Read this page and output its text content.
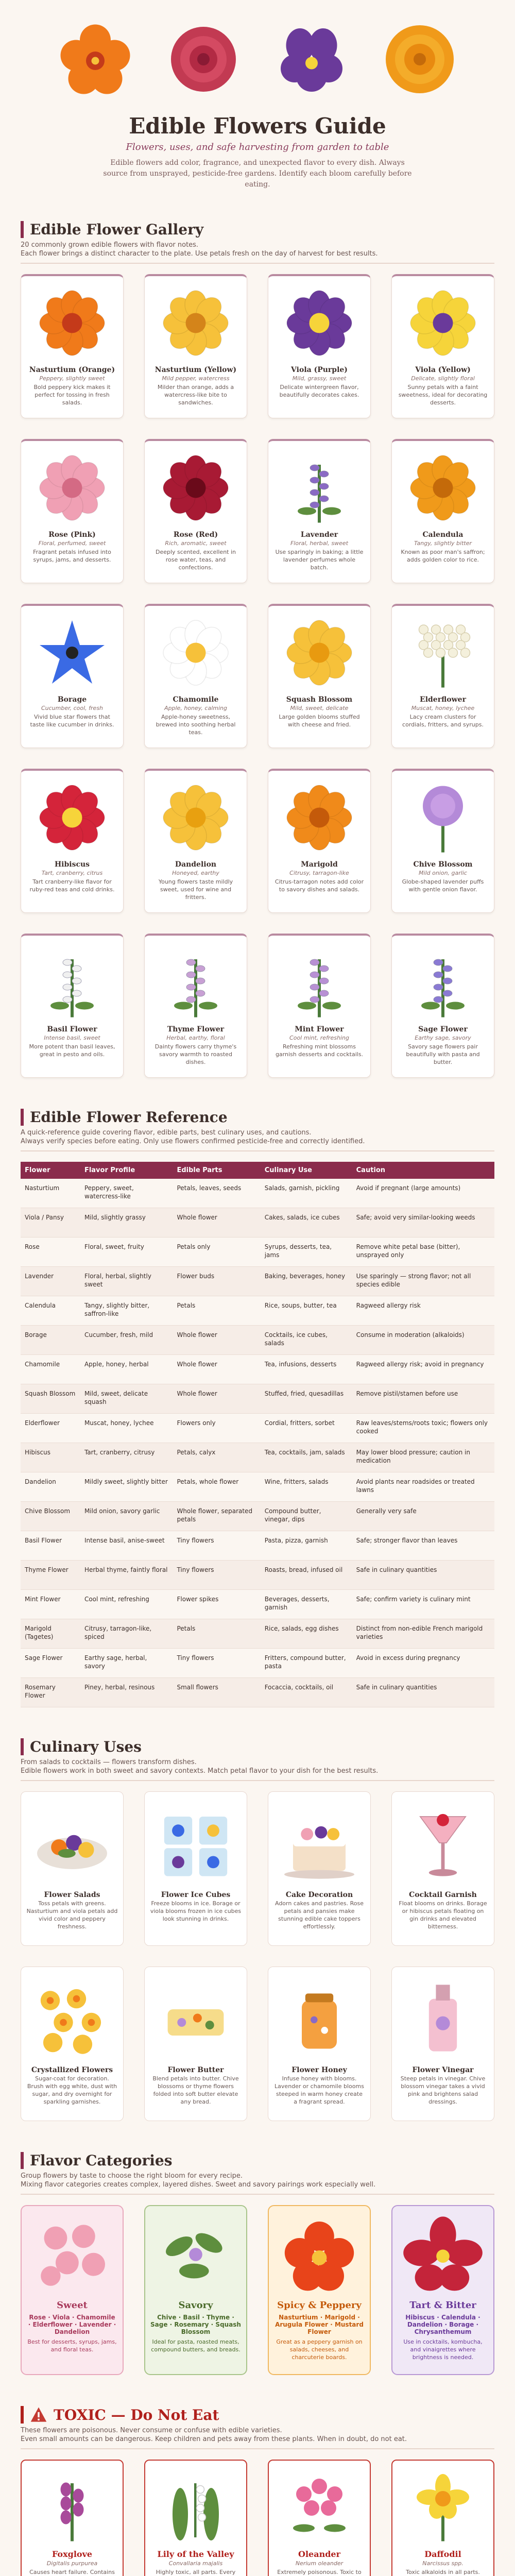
Edible Flowers Guide
Flowers, uses, and safe harvesting from garden to table
Edible flowers add color, fragrance, and unexpected flavor to every dish. Always source from unsprayed, pesticide-free gardens. Identify each bloom carefully before eating.
Edible Flower Gallery
20 commonly grown edible flowers with flavor notes.
Each flower brings a distinct character to the plate. Use petals fresh on the day of harvest for best results.
Nasturtium (Orange)
Peppery, slightly sweet
Bold peppery kick makes it perfect for tossing in fresh salads.
Nasturtium (Yellow)
Mild pepper, watercress
Milder than orange, adds a watercress-like bite to sandwiches.
Viola (Purple)
Mild, grassy, sweet
Delicate wintergreen flavor, beautifully decorates cakes.
Viola (Yellow)
Delicate, slightly floral
Sunny petals with a faint sweetness, ideal for decorating desserts.
Rose (Pink)
Floral, perfumed, sweet
Fragrant petals infused into syrups, jams, and desserts.
Rose (Red)
Rich, aromatic, sweet
Deeply scented, excellent in rose water, teas, and confections.
Lavender
Floral, herbal, sweet
Use sparingly in baking; a little lavender perfumes whole batch.
Calendula
Tangy, slightly bitter
Known as poor man's saffron; adds golden color to rice.
Borage
Cucumber, cool, fresh
Vivid blue star flowers that taste like cucumber in drinks.
Chamomile
Apple, honey, calming
Apple-honey sweetness, brewed into soothing herbal teas.
Squash Blossom
Mild, sweet, delicate
Large golden blooms stuffed with cheese and fried.
Elderflower
Muscat, honey, lychee
Lacy cream clusters for cordials, fritters, and syrups.
Hibiscus
Tart, cranberry, citrus
Tart cranberry-like flavor for ruby-red teas and cold drinks.
Dandelion
Honeyed, earthy
Young flowers taste mildly sweet, used for wine and fritters.
Marigold
Citrusy, tarragon-like
Citrus-tarragon notes add color to savory dishes and salads.
Chive Blossom
Mild onion, garlic
Globe-shaped lavender puffs with gentle onion flavor.
Basil Flower
Intense basil, sweet
More potent than basil leaves, great in pesto and oils.
Thyme Flower
Herbal, earthy, floral
Dainty flowers carry thyme's savory warmth to roasted dishes.
Mint Flower
Cool mint, refreshing
Refreshing mint blossoms garnish desserts and cocktails.
Sage Flower
Earthy sage, savory
Savory sage flowers pair beautifully with pasta and butter.
Edible Flower Reference
A quick-reference guide covering flavor, edible parts, best culinary uses, and cautions.
Always verify species before eating. Only use flowers confirmed pesticide-free and correctly identified.
Flower	Flavor Profile	Edible Parts	Culinary Use	Caution
Nasturtium	Peppery, sweet, watercress-like	Petals, leaves, seeds	Salads, garnish, pickling	Avoid if pregnant (large amounts)
Viola / Pansy	Mild, slightly grassy	Whole flower	Cakes, salads, ice cubes	Safe; avoid very similar-looking weeds
Rose	Floral, sweet, fruity	Petals only	Syrups, desserts, tea, jams	Remove white petal base (bitter), unsprayed only
Lavender	Floral, herbal, slightly sweet	Flower buds	Baking, beverages, honey	Use sparingly — strong flavor; not all species edible
Calendula	Tangy, slightly bitter, saffron-like	Petals	Rice, soups, butter, tea	Ragweed allergy risk
Borage	Cucumber, fresh, mild	Whole flower	Cocktails, ice cubes, salads	Consume in moderation (alkaloids)
Chamomile	Apple, honey, herbal	Whole flower	Tea, infusions, desserts	Ragweed allergy risk; avoid in pregnancy
Squash Blossom	Mild, sweet, delicate squash	Whole flower	Stuffed, fried, quesadillas	Remove pistil/stamen before use
Elderflower	Muscat, honey, lychee	Flowers only	Cordial, fritters, sorbet	Raw leaves/stems/roots toxic; flowers only cooked
Hibiscus	Tart, cranberry, citrusy	Petals, calyx	Tea, cocktails, jam, salads	May lower blood pressure; caution in medication
Dandelion	Mildly sweet, slightly bitter	Petals, whole flower	Wine, fritters, salads	Avoid plants near roadsides or treated lawns
Chive Blossom	Mild onion, savory garlic	Whole flower, separated petals	Compound butter, vinegar, dips	Generally very safe
Basil Flower	Intense basil, anise-sweet	Tiny flowers	Pasta, pizza, garnish	Safe; stronger flavor than leaves
Thyme Flower	Herbal thyme, faintly floral	Tiny flowers	Roasts, bread, infused oil	Safe in culinary quantities
Mint Flower	Cool mint, refreshing	Flower spikes	Beverages, desserts, garnish	Safe; confirm variety is culinary mint
Marigold (Tagetes)	Citrusy, tarragon-like, spiced	Petals	Rice, salads, egg dishes	Distinct from non-edible French marigold varieties
Sage Flower	Earthy sage, herbal, savory	Tiny flowers	Fritters, compound butter, pasta	Avoid in excess during pregnancy
Rosemary Flower	Piney, herbal, resinous	Small flowers	Focaccia, cocktails, oil	Safe in culinary quantities
Culinary Uses
From salads to cocktails — flowers transform dishes.
Edible flowers work in both sweet and savory contexts. Match petal flavor to your dish for the best results.
Flower Salads
Toss petals with greens. Nasturtium and viola petals add vivid color and peppery freshness.
Flower Ice Cubes
Freeze blooms in ice. Borage or viola blooms frozen in ice cubes look stunning in drinks.
Cake Decoration
Adorn cakes and pastries. Rose petals and pansies make stunning edible cake toppers effortlessly.
Cocktail Garnish
Float blooms on drinks. Borage or hibiscus petals floating on gin drinks and elevated bitterness.
Crystallized Flowers
Sugar-coat for decoration. Brush with egg white, dust with sugar, and dry overnight for sparkling garnishes.
Flower Butter
Blend petals into butter. Chive blossoms or thyme flowers folded into soft butter elevate any bread.
Flower Honey
Infuse honey with blooms. Lavender or chamomile blooms steeped in warm honey create a fragrant spread.
Flower Vinegar
Steep petals in vinegar. Chive blossom vinegar takes a vivid pink and brightens salad dressings.
Flavor Categories
Group flowers by taste to choose the right bloom for every recipe.
Mixing flavor categories creates complex, layered dishes. Sweet and savory pairings work especially well.
Sweet
Rose · Viola · Chamomile · Elderflower · Lavender · Dandelion
Best for desserts, syrups, jams, and floral teas.
Savory
Chive · Basil · Thyme · Sage · Rosemary · Squash Blossom
Ideal for pasta, roasted meats, compound butters, and breads.
Spicy & Peppery
Nasturtium · Marigold · Arugula Flower · Mustard Flower
Great as a peppery garnish on salads, cheeses, and charcuterie boards.
Tart & Bitter
Hibiscus · Calendula · Dandelion · Borage · Chrysanthemum
Use in cocktails, kombucha, and vinaigrettes where brightness is needed.
TOXIC — Do Not Eat
These flowers are poisonous. Never consume or confuse with edible varieties.
Even small amounts can be dangerous. Keep children and pets away from these plants. When in doubt, do not eat.
Foxglove
Digitalis purpurea
Causes heart failure. Contains
Lily of the Valley
Convallaria majalis
Highly toxic, all parts. Every
Oleander
Nerium oleander
Extremely poisonous. Toxic to
Daffodil
Narcissus spp.
Toxic alkaloids in all parts.
